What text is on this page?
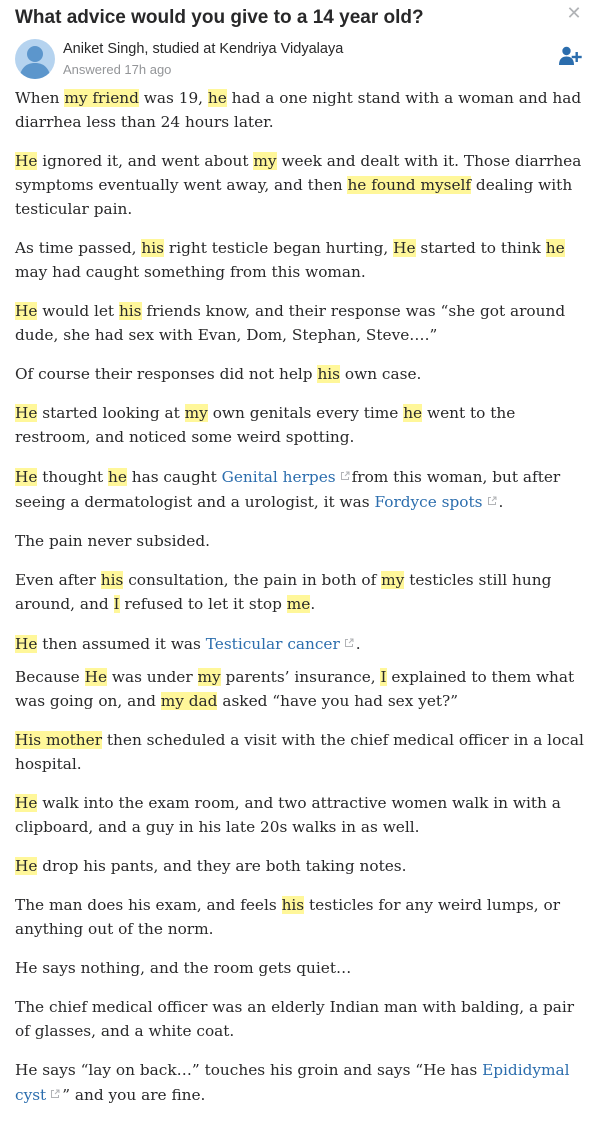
What advice would you give to a 14 year old?	✕
Aniket Singh, studied at Kendriya Vidyalaya
Answered 17h ago

When my friend was 19, he had a one night stand with a woman and had diarrhea less than 24 hours later.

He ignored it, and went about my week and dealt with it. Those diarrhea symptoms eventually went away, and then he found myself dealing with testicular pain.

As time passed, his right testicle began hurting, He started to think he may had caught something from this woman.

He would let his friends know, and their response was “she got around dude, she had sex with Evan, Dom, Stephan, Steve….”

Of course their responses did not help his own case.

He started looking at my own genitals every time he went to the restroom, and noticed some weird spotting.

He thought he has caught Genital herpes from this woman, but after seeing a dermatologist and a urologist, it was Fordyce spots .

The pain never subsided.

Even after his consultation, the pain in both of my testicles still hung around, and I refused to let it stop me.

He then assumed it was Testicular cancer .

Because He was under my parents’ insurance, I explained to them what was going on, and my dad asked “have you had sex yet?”

His mother then scheduled a visit with the chief medical officer in a local hospital.

He walk into the exam room, and two attractive women walk in with a clipboard, and a guy in his late 20s walks in as well.

He drop his pants, and they are both taking notes.

The man does his exam, and feels his testicles for any weird lumps, or anything out of the norm.

He says nothing, and the room gets quiet…

The chief medical officer was an elderly Indian man with balding, a pair of glasses, and a white coat.

He says “lay on back…” touches his groin and says “He has Epididymal cyst ” and you are fine.
